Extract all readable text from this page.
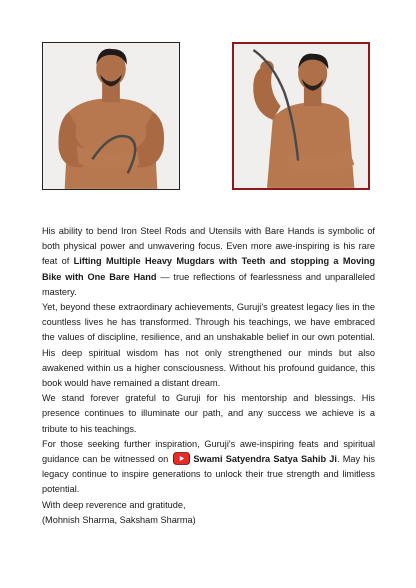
His ability to bend Iron Steel Rods and Utensils with Bare Hands is symbolic of both physical power and unwavering focus. Even more awe-inspiring is his rare feat of Lifting Multiple Heavy Mugdars with Teeth and stopping a Moving Bike with One Bare Hand — true reflections of fearlessness and unparalleled mastery.

Yet, beyond these extraordinary achievements, Guruji's greatest legacy lies in the countless lives he has transformed. Through his teachings, we have embraced the values of discipline, resilience, and an unshakable belief in our own potential. His deep spiritual wisdom has not only strengthened our minds but also awakened within us a higher consciousness. Without his profound guidance, this book would have remained a distant dream.

We stand forever grateful to Guruji for his mentorship and blessings. His presence continues to illuminate our path, and any success we achieve is a tribute to his teachings.

For those seeking further inspiration, Guruji's awe-inspiring feats and spiritual guidance can be witnessed on
Swami Satyendra Satya Sahib Ji. May his legacy continue to inspire generations to unlock their true strength and limitless potential.

With deep reverence and gratitude,

(Mohnish Sharma, Saksham Sharma)
